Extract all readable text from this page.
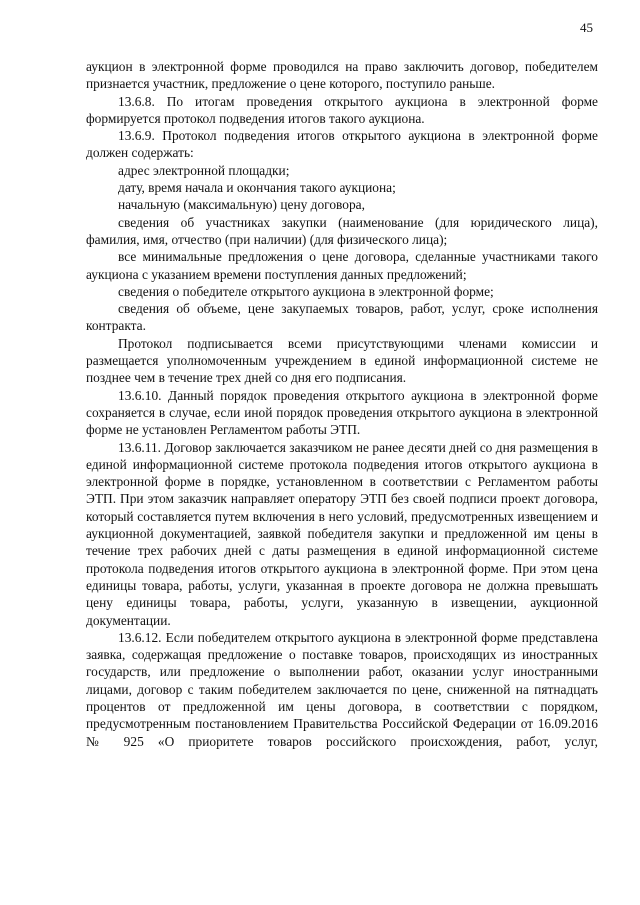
45

аукцион в электронной форме проводился на право заключить договор, победителем признается участник, предложение о цене которого, поступило раньше.

13.6.8. По итогам проведения открытого аукциона в электронной форме формируется протокол подведения итогов такого аукциона.

13.6.9. Протокол подведения итогов открытого аукциона в электронной форме должен содержать:

адрес электронной площадки;

дату, время начала и окончания такого аукциона;

начальную (максимальную) цену договора,

сведения об участниках закупки (наименование (для юридического лица), фамилия, имя, отчество (при наличии) (для физического лица);

все минимальные предложения о цене договора, сделанные участниками такого аукциона с указанием времени поступления данных предложений;

сведения о победителе открытого аукциона в электронной форме;

сведения об объеме, цене закупаемых товаров, работ, услуг, сроке исполнения контракта.

Протокол подписывается всеми присутствующими членами комиссии и размещается уполномоченным учреждением в единой информационной системе не позднее чем в течение трех дней со дня его подписания.

13.6.10. Данный порядок проведения открытого аукциона в электронной форме сохраняется в случае, если иной порядок проведения открытого аукциона в электронной форме не установлен Регламентом работы ЭТП.

13.6.11. Договор заключается заказчиком не ранее десяти дней со дня размещения в единой информационной системе протокола подведения итогов открытого аукциона в электронной форме в порядке, установленном в соответствии с Регламентом работы ЭТП. При этом заказчик направляет оператору ЭТП без своей подписи проект договора, который составляется путем включения в него условий, предусмотренных извещением и аукционной документацией, заявкой победителя закупки и предложенной им цены в течение трех рабочих дней с даты размещения в единой информационной системе протокола подведения итогов открытого аукциона в электронной форме. При этом цена единицы товара, работы, услуги, указанная в проекте договора не должна превышать цену единицы товара, работы, услуги, указанную в извещении, аукционной документации.

13.6.12. Если победителем открытого аукциона в электронной форме представлена заявка, содержащая предложение о поставке товаров, происходящих из иностранных государств, или предложение о выполнении работ, оказании услуг иностранными лицами, договор с таким победителем заключается по цене, сниженной на пятнадцать процентов от предложенной им цены договора, в соответствии с порядком, предусмотренным постановлением Правительства Российской Федерации от 16.09.2016 № 925 «О приоритете товаров российского происхождения, работ, услуг,
